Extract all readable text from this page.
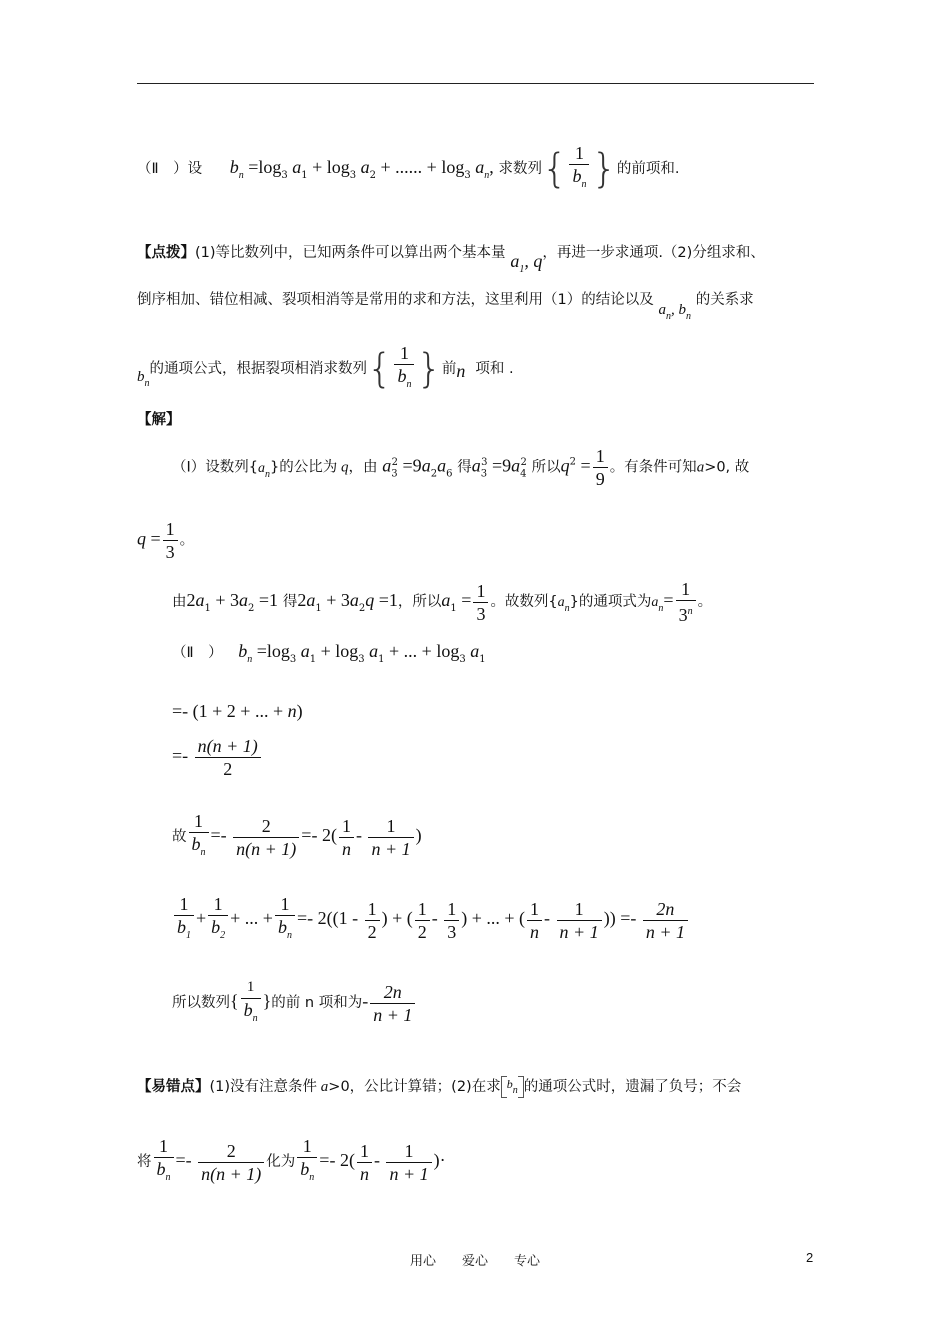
（Ⅱ　）设 $b_n =\log_3$ $a_1 + \log_3 a_2$ + ...... + $\log_3 a_n$, 求数列{ $\frac{1}{b_n}$ }的前项和.
【点拨】(1)等比数列中，已知两条件可以算出两个基本量 $a_1$, q，再进一步求通项.（2)分组求和、
倒序相加、错位相减、裂项相消等是常用的求和方法，这里利用（1）的结论以及 $a_n$, $b_n$ 的关系求
$b_n$的通项公式，根据裂项相消求数列{ $\frac{1}{b_n}$ }前n 项和 .
【解】
（Ⅰ）设数列$\{a_n\}$的公比为 q，由 $a_3^2 =9a_2a_6$ 得$a_3^3 =9a_4^2$ 所以$q^2 = \frac{1}{9}$ 。有条件可知a>0, 故
$q = \frac{1}{3}$ 。
由$2a_1 + 3a_2 =1$ 得$2a_1 + 3a_2q =1$，所以$a_1 = \frac{1}{3}$ 。故数列$\{a_n\}$的通项式为$a_n= \frac{1}{3^n}$ 。
（Ⅱ　） $b_n =\log_3$ $a_1 + \log_3 a_1$ + ... + $\log_3 a_1$
=- (1 + 2 + ... + n)
=- $\frac{n(n + 1)}{2}$
故 $\frac{1}{b_n} =- \frac{2}{n(n + 1)} =- 2( \frac{1}{n} - \frac{1}{n + 1}$ )
$\frac{1}{b_1} + \frac{1}{b_2}$ + ... + $\frac{1}{b_n} =- 2((1 - \frac{1}{2}$ ) + ( $\frac{1}{2} - \frac{1}{3}$ ) + ... + ( $\frac{1}{n} - \frac{1}{n + 1}$ )) =- $\frac{2n}{n + 1}$
所以数列{ $\frac{1}{b_n}$ }的前 n 项和为- $\frac{2n}{n + 1}$
【易错点】(1)没有注意条件 a>0，公比计算错；(2)在求 $b_n$ 的通项公式时，遗漏了负号；不会
将 $\frac{1}{b_n} =- \frac{2}{n(n + 1)}$ 化为 $\frac{1}{b_n} =- 2( \frac{1}{n} - \frac{1}{n + 1}$ )·
用心　　爱心　　专心	2
